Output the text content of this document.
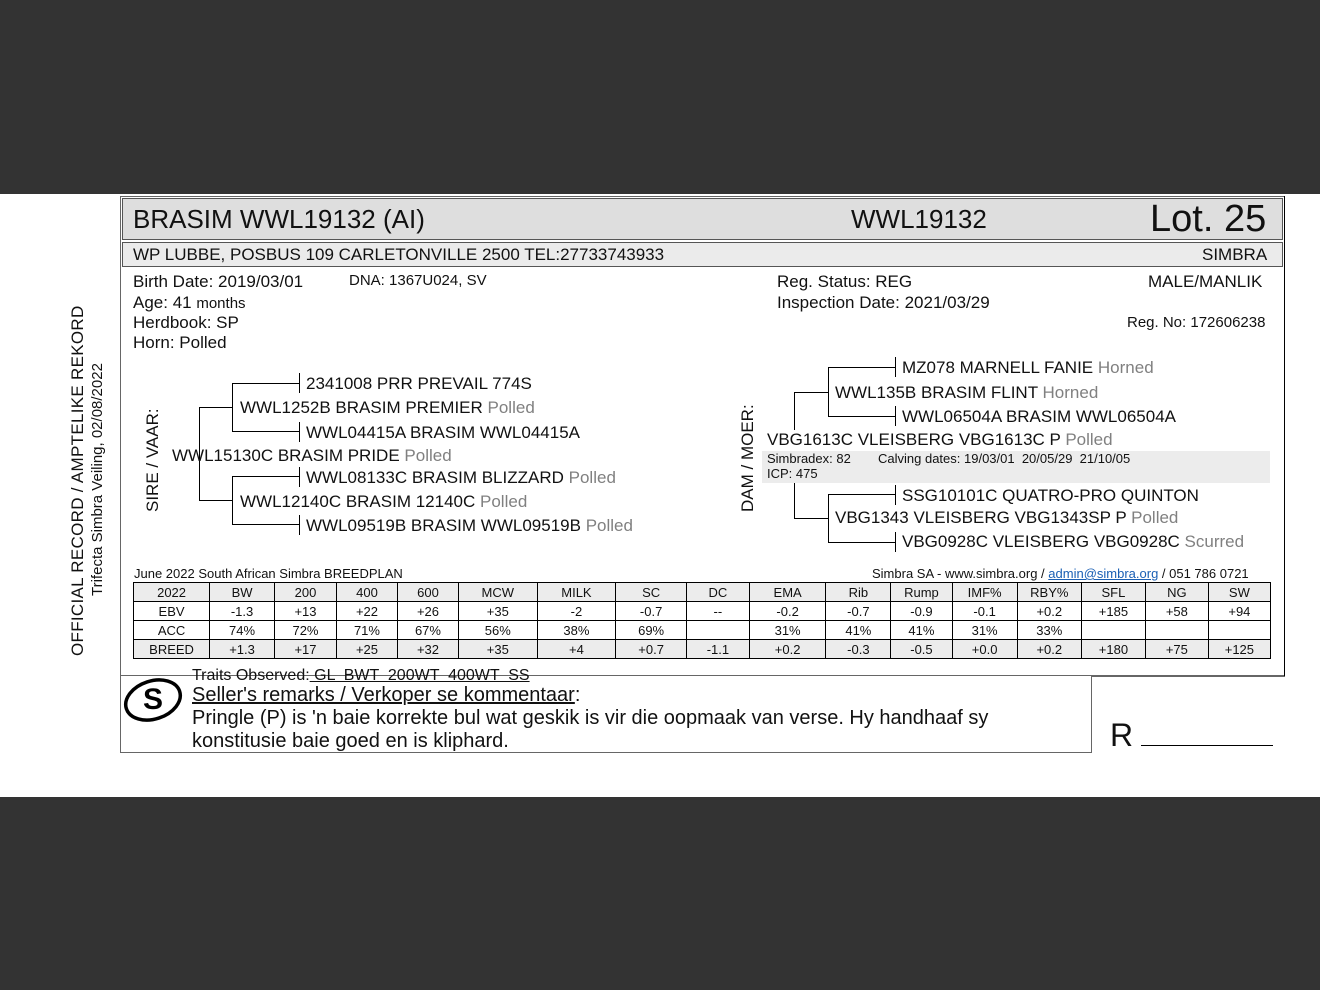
OFFICIAL RECORD / AMPTELIKE REKORD Trifecta Simbra Veiling, 02/08/2022
BRASIM WWL19132 (AI)	WWL19132	Lot. 25
WP LUBBE, POSBUS 109 CARLETONVILLE 2500 TEL:27733743933	SIMBRA
Birth Date: 2019/03/01	DNA: 1367U024, SV
Age: 41 months
Herdbook: SP
Horn: Polled
Reg. Status: REG
Inspection Date: 2021/03/29
MALE/MANLIK
Reg. No: 172606238
SIRE / VAAR:
2341008 PRR PREVAIL 774S
WWL1252B BRASIM PREMIER Polled
WWL04415A BRASIM WWL04415A
WWL15130C BRASIM PRIDE Polled
WWL08133C BRASIM BLIZZARD Polled
WWL12140C BRASIM 12140C Polled
WWL09519B BRASIM WWL09519B Polled
DAM / MOER:
MZ078 MARNELL FANIE Horned
WWL135B BRASIM FLINT Horned
WWL06504A BRASIM WWL06504A
VBG1613C VLEISBERG VBG1613C P Polled
Simbradex: 82 Calving dates: 19/03/01  20/05/29  21/10/05
ICP: 475
SSG10101C QUATRO-PRO QUINTON
VBG1343 VLEISBERG VBG1343SP P Polled
VBG0928C VLEISBERG VBG0928C Scurred
June 2022 South African Simbra BREEDPLAN	Simbra SA - www.simbra.org / admin@simbra.org / 051 786 0721
2022	BW	200	400	600	MCW	MILK	SC	DC	EMA	Rib	Rump	IMF%	RBY%	SFL	NG	SW
EBV	-1.3	+13	+22	+26	+35	-2	-0.7	--	-0.2	-0.7	-0.9	-0.1	+0.2	+185	+58	+94
ACC	74%	72%	71%	67%	56%	38%	69%		31%	41%	41%	31%	33%			
BREED	+1.3	+17	+25	+32	+35	+4	+0.7	-1.1	+0.2	-0.3	-0.5	+0.0	+0.2	+180	+75	+125
S
Traits Observed: GL  BWT  200WT  400WT  SS
Seller's remarks / Verkoper se kommentaar:
Pringle (P) is 'n baie korrekte bul wat geskik is vir die oopmaak van verse. Hy handhaaf sy
konstitusie baie goed en is kliphard.	R
